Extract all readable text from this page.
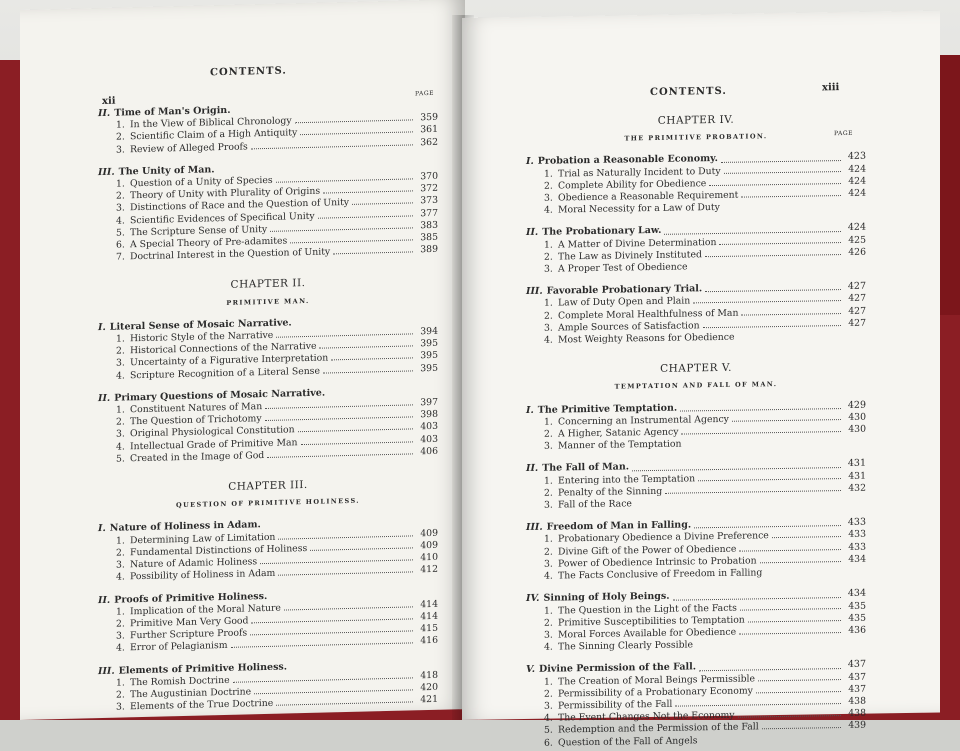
CONTENTS.
xii
PAGE
II. Time of Man's Origin.
1. In the View of Biblical Chronology	359
2. Scientific Claim of a High Antiquity	361
3. Review of Alleged Proofs	362
III. The Unity of Man.
1. Question of a Unity of Species	370
2. Theory of Unity with Plurality of Origins	372
3. Distinctions of Race and the Question of Unity	373
4. Scientific Evidences of Specifical Unity	377
5. The Scripture Sense of Unity	383
6. A Special Theory of Pre-adamites	385
7. Doctrinal Interest in the Question of Unity	389
CHAPTER II.
PRIMITIVE MAN.
I. Literal Sense of Mosaic Narrative.
1. Historic Style of the Narrative	394
2. Historical Connections of the Narrative	395
3. Uncertainty of a Figurative Interpretation	395
4. Scripture Recognition of a Literal Sense	395
II. Primary Questions of Mosaic Narrative.
1. Constituent Natures of Man	397
2. The Question of Trichotomy	398
3. Original Physiological Constitution	403
4. Intellectual Grade of Primitive Man	403
5. Created in the Image of God	406
CHAPTER III.
QUESTION OF PRIMITIVE HOLINESS.
I. Nature of Holiness in Adam.
1. Determining Law of Limitation	409
2. Fundamental Distinctions of Holiness	409
3. Nature of Adamic Holiness	410
4. Possibility of Holiness in Adam	412
II. Proofs of Primitive Holiness.
1. Implication of the Moral Nature	414
2. Primitive Man Very Good	414
3. Further Scripture Proofs	415
4. Error of Pelagianism	416
III. Elements of Primitive Holiness.
1. The Romish Doctrine	418
2. The Augustinian Doctrine	420
3. Elements of the True Doctrine	421
CONTENTS.	xiii
PAGE
CHAPTER IV.
THE PRIMITIVE PROBATION.
I. Probation a Reasonable Economy.	423
1. Trial as Naturally Incident to Duty	424
2. Complete Ability for Obedience	424
3. Obedience a Reasonable Requirement	424
4. Moral Necessity for a Law of Duty
II. The Probationary Law.	424
1. A Matter of Divine Determination	425
2. The Law as Divinely Instituted	426
3. A Proper Test of Obedience
III. Favorable Probationary Trial.	427
1. Law of Duty Open and Plain	427
2. Complete Moral Healthfulness of Man	427
3. Ample Sources of Satisfaction	427
4. Most Weighty Reasons for Obedience
CHAPTER V.
TEMPTATION AND FALL OF MAN.
I. The Primitive Temptation.	429
1. Concerning an Instrumental Agency	430
2. A Higher, Satanic Agency	430
3. Manner of the Temptation
II. The Fall of Man.	431
1. Entering into the Temptation	431
2. Penalty of the Sinning	432
3. Fall of the Race
III. Freedom of Man in Falling.	433
1. Probationary Obedience a Divine Preference	433
2. Divine Gift of the Power of Obedience	433
3. Power of Obedience Intrinsic to Probation	434
4. The Facts Conclusive of Freedom in Falling
IV. Sinning of Holy Beings.	434
1. The Question in the Light of the Facts	435
2. Primitive Susceptibilities to Temptation	435
3. Moral Forces Available for Obedience	436
4. The Sinning Clearly Possible
V. Divine Permission of the Fall.	437
1. The Creation of Moral Beings Permissible	437
2. Permissibility of a Probationary Economy	437
3. Permissibility of the Fall	438
4. The Event Changes Not the Economy	438
5. Redemption and the Permission of the Fall	439
6. Question of the Fall of Angels
